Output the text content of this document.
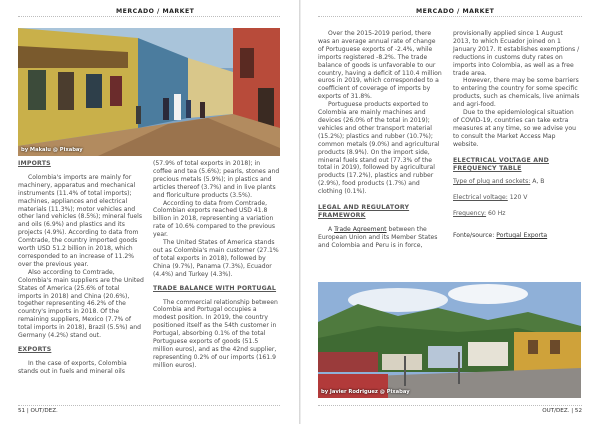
MERCADO / MARKET	MERCADO / MARKET
by Makalu @ Pixabay
IMPORTS

Colombia's imports are mainly for machinery, apparatus and mechanical instruments (11.4% of total imports); machines, appliances and electrical materials (11.3%); motor vehicles and other land vehicles (8.5%); mineral fuels and oils (6.9%) and plastics and its projects (4.9%). According to data from Comtrade, the country imported goods worth USD 51.2 billion in 2018, which corresponded to an increase of 11.2% over the previous year.

Also according to Comtrade, Colombia's main suppliers are the United States of America (25.6% of total imports in 2018) and China (20.6%), together representing 46.2% of the country's imports in 2018. Of the remaining suppliers, Mexico (7.7% of total imports in 2018), Brazil (5.5%) and Germany (4.2%) stand out.

EXPORTS

In the case of exports, Colombia stands out in fuels and mineral oils

(57.9% of total exports in 2018); in coffee and tea (5.6%); pearls, stones and precious metals (5.9%); in plastics and articles thereof (3.7%) and in live plants and floriculture products (3.5%).

According to data from Comtrade, Colombian exports reached USD 41.8 billion in 2018, representing a variation rate of 10.6% compared to the previous year.

The United States of America stands out as Colombia's main customer (27.1% of total exports in 2018), followed by China (9.7%), Panama (7.3%), Ecuador (4.4%) and Turkey (4.3%).

TRADE BALANCE WITH PORTUGAL

The commercial relationship between Colombia and Portugal occupies a modest position. In 2019, the country positioned itself as the 54th customer in Portugal, absorbing 0.1% of the total Portuguese exports of goods (51.5 million euros), and as the 42nd supplier, representing 0.2% of our imports (161.9 million euros).

Over the 2015-2019 period, there was an average annual rate of change of Portuguese exports of -2.4%, while imports registered -8.2%. The trade balance of goods is unfavorable to our country, having a deficit of 110.4 million euros in 2019, which corresponded to a coefficient of coverage of imports by exports of 31.8%.

Portuguese products exported to Colombia are mainly machines and devices (26.0% of the total in 2019); vehicles and other transport material (15.2%); plastics and rubber (10.7%); common metals (9.0%) and agricultural products (8.9%). On the import side, mineral fuels stand out (77.3% of the total in 2019), followed by agricultural products (17.2%), plastics and rubber (2.9%), food products (1.7%) and clothing (0.1%).

LEGAL AND REGULATORY FRAMEWORK

A Trade Agreement between the European Union and its Member States and Colombia and Peru is in force,

provisionally applied since 1 August 2013, to which Ecuador joined on 1 January 2017. It establishes exemptions / reductions in customs duty rates on imports into Colombia, as well as a free trade area.

However, there may be some barriers to entering the country for some specific products, such as chemicals, live animals and agri-food.

Due to the epidemiological situation of COVID-19, countries can take extra measures at any time, so we advise you to consult the Market Access Map website.

ELECTRICAL VOLTAGE AND FREQUENCY TABLE
Type of plug and sockets: A, B
Electrical voltage: 120 V
Frequency: 60 Hz
Fonte/source: Portugal Exporta
by Javier Rodriguez @ Pixabay
51 | OUT/DEZ.	OUT/DEZ. | 52
